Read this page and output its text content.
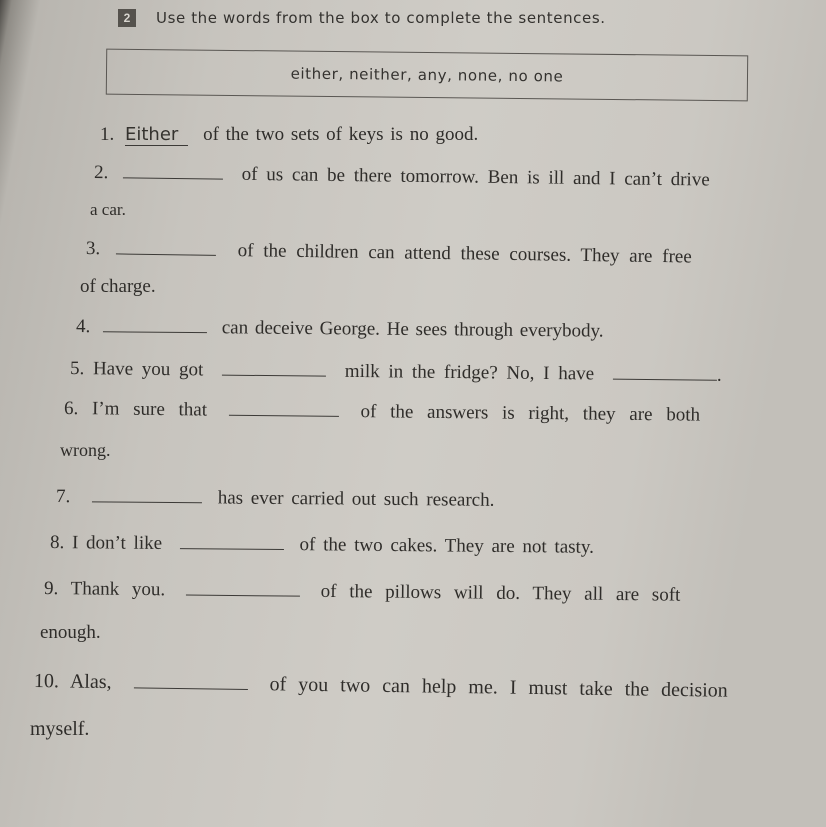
2	Use the words from the box to complete the sentences.
either, neither, any, none, no one
1. Either of the two sets of keys is no good.
2.	of us can be there tomorrow. Ben is ill and I can’t drive
a car.
3.	of the children can attend these courses. They are free
of charge.
4.	can deceive George. He sees through everybody.
5. Have you got	milk in the fridge? No, I have	.
6. I’m sure that	of the answers is right, they are both
wrong.
7.	has ever carried out such research.
8. I don’t like	of the two cakes. They are not tasty.
9. Thank you.	of the pillows will do. They all are soft
enough.
10. Alas,	of you two can help me. I must take the decision
myself.
